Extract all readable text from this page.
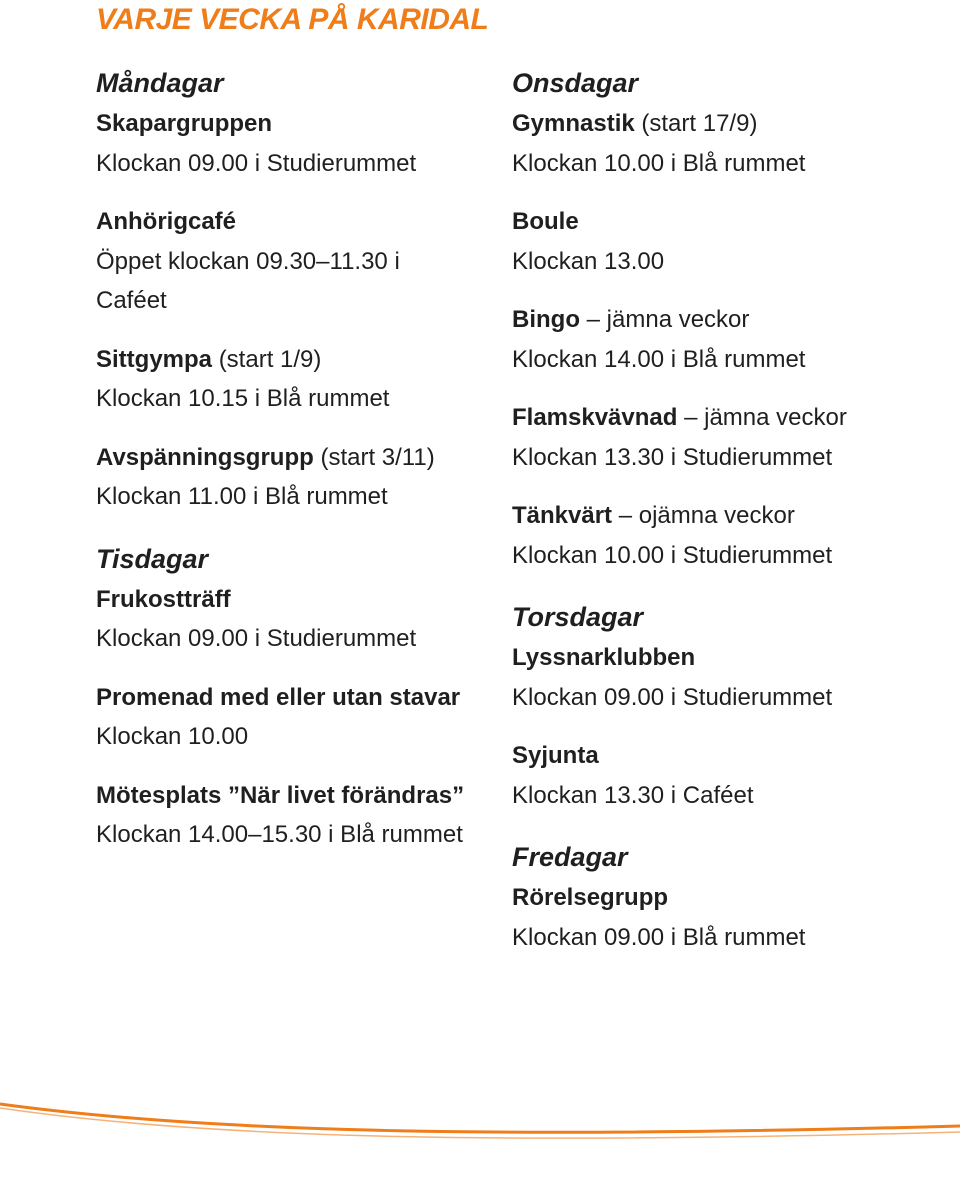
VARJE VECKA PÅ KARIDAL
Måndagar
Skapargruppen
Klockan 09.00 i Studierummet
Anhörigcafé
Öppet klockan 09.30–11.30 i
Caféet
Sittgympa (start 1/9)
Klockan 10.15 i Blå rummet
Avspänningsgrupp (start 3/11)
Klockan 11.00 i Blå rummet
Tisdagar
Frukostträff
Klockan 09.00 i Studierummet
Promenad med eller utan stavar
Klockan 10.00
Mötesplats ”När livet förändras”
Klockan 14.00–15.30 i Blå rummet
Onsdagar
Gymnastik (start 17/9)
Klockan 10.00 i Blå rummet
Boule
Klockan 13.00
Bingo – jämna veckor
Klockan 14.00 i Blå rummet
Flamskvävnad – jämna veckor
Klockan 13.30 i Studierummet
Tänkvärt – ojämna veckor
Klockan 10.00 i Studierummet
Torsdagar
Lyssnarklubben
Klockan 09.00 i Studierummet
Syjunta
Klockan 13.30 i Caféet
Fredagar
Rörelsegrupp
Klockan 09.00 i Blå rummet
